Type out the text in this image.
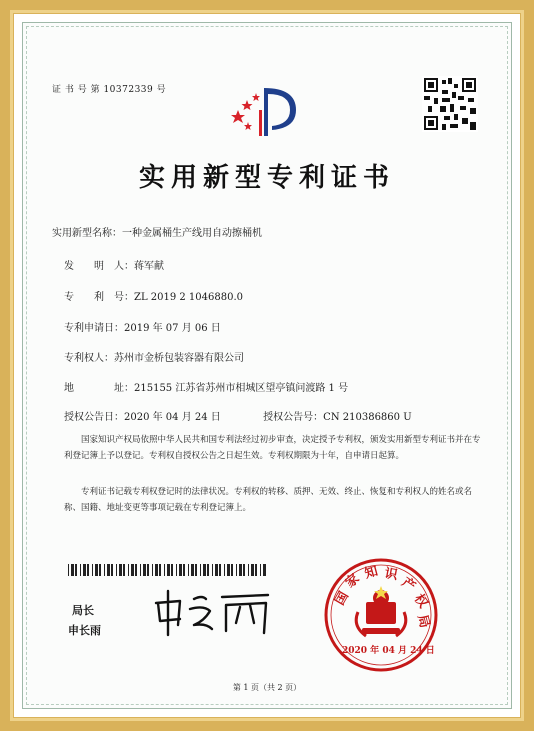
证 书 号 第 10372339 号
实用新型专利证书
实用新型名称：一种金属桶生产线用自动擦桶机
发　　明　人：蒋军献
专　　利　号：ZL 2019 2 1046880.0
专利申请日：2019 年 07 月 06 日
专利权人：苏州市金桥包装容器有限公司
地　　　　址：215155 江苏省苏州市相城区望亭镇问渡路 1 号
授权公告日：2020 年 04 月 24 日	授权公告号：CN 210386860 U
国家知识产权局依照中华人民共和国专利法经过初步审查，决定授予专利权，颁发实用新型专利证书并在专利登记簿上予以登记。专利权自授权公告之日起生效。专利权期限为十年，自申请日起算。
专利证书记载专利权登记时的法律状况。专利权的转移、质押、无效、终止、恢复和专利权人的姓名或名称、国籍、地址变更等事项记载在专利登记簿上。
局长
申长雨
国
家 知 识
产
权
局
2020 年 04 月 24 日
第 1 页（共 2 页）
